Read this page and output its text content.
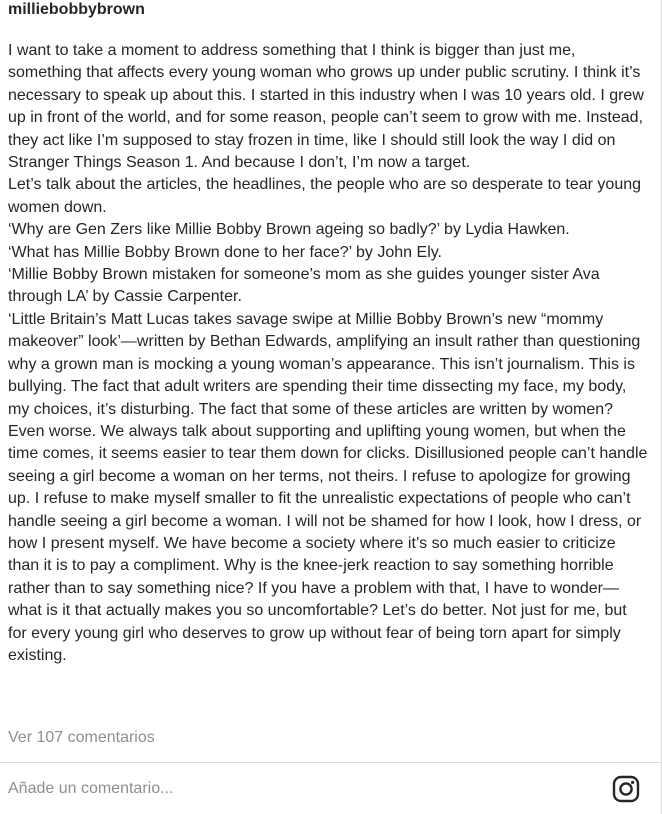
milliebobbybrown

I want to take a moment to address something that I think is bigger than just me, something that affects every young woman who grows up under public scrutiny. I think it’s necessary to speak up about this. I started in this industry when I was 10 years old. I grew up in front of the world, and for some reason, people can’t seem to grow with me. Instead, they act like I’m supposed to stay frozen in time, like I should still look the way I did on Stranger Things Season 1. And because I don’t, I’m now a target.

Let’s talk about the articles, the headlines, the people who are so desperate to tear young women down.

‘Why are Gen Zers like Millie Bobby Brown ageing so badly?’ by Lydia Hawken.

‘What has Millie Bobby Brown done to her face?’ by John Ely.

‘Millie Bobby Brown mistaken for someone’s mom as she guides younger sister Ava through LA’ by Cassie Carpenter.

‘Little Britain’s Matt Lucas takes savage swipe at Millie Bobby Brown’s new “mommy makeover” look’—written by Bethan Edwards, amplifying an insult rather than questioning why a grown man is mocking a young woman’s appearance. This isn’t journalism. This is bullying. The fact that adult writers are spending their time dissecting my face, my body, my choices, it’s disturbing. The fact that some of these articles are written by women? Even worse. We always talk about supporting and uplifting young women, but when the time comes, it seems easier to tear them down for clicks. Disillusioned people can’t handle seeing a girl become a woman on her terms, not theirs. I refuse to apologize for growing up. I refuse to make myself smaller to fit the unrealistic expectations of people who can’t handle seeing a girl become a woman. I will not be shamed for how I look, how I dress, or how I present myself. We have become a society where it’s so much easier to criticize than it is to pay a compliment. Why is the knee-jerk reaction to say something horrible rather than to say something nice? If you have a problem with that, I have to wonder—what is it that actually makes you so uncomfortable? Let’s do better. Not just for me, but for every young girl who deserves to grow up without fear of being torn apart for simply existing.

Ver 107 comentarios
Añade un comentario...
